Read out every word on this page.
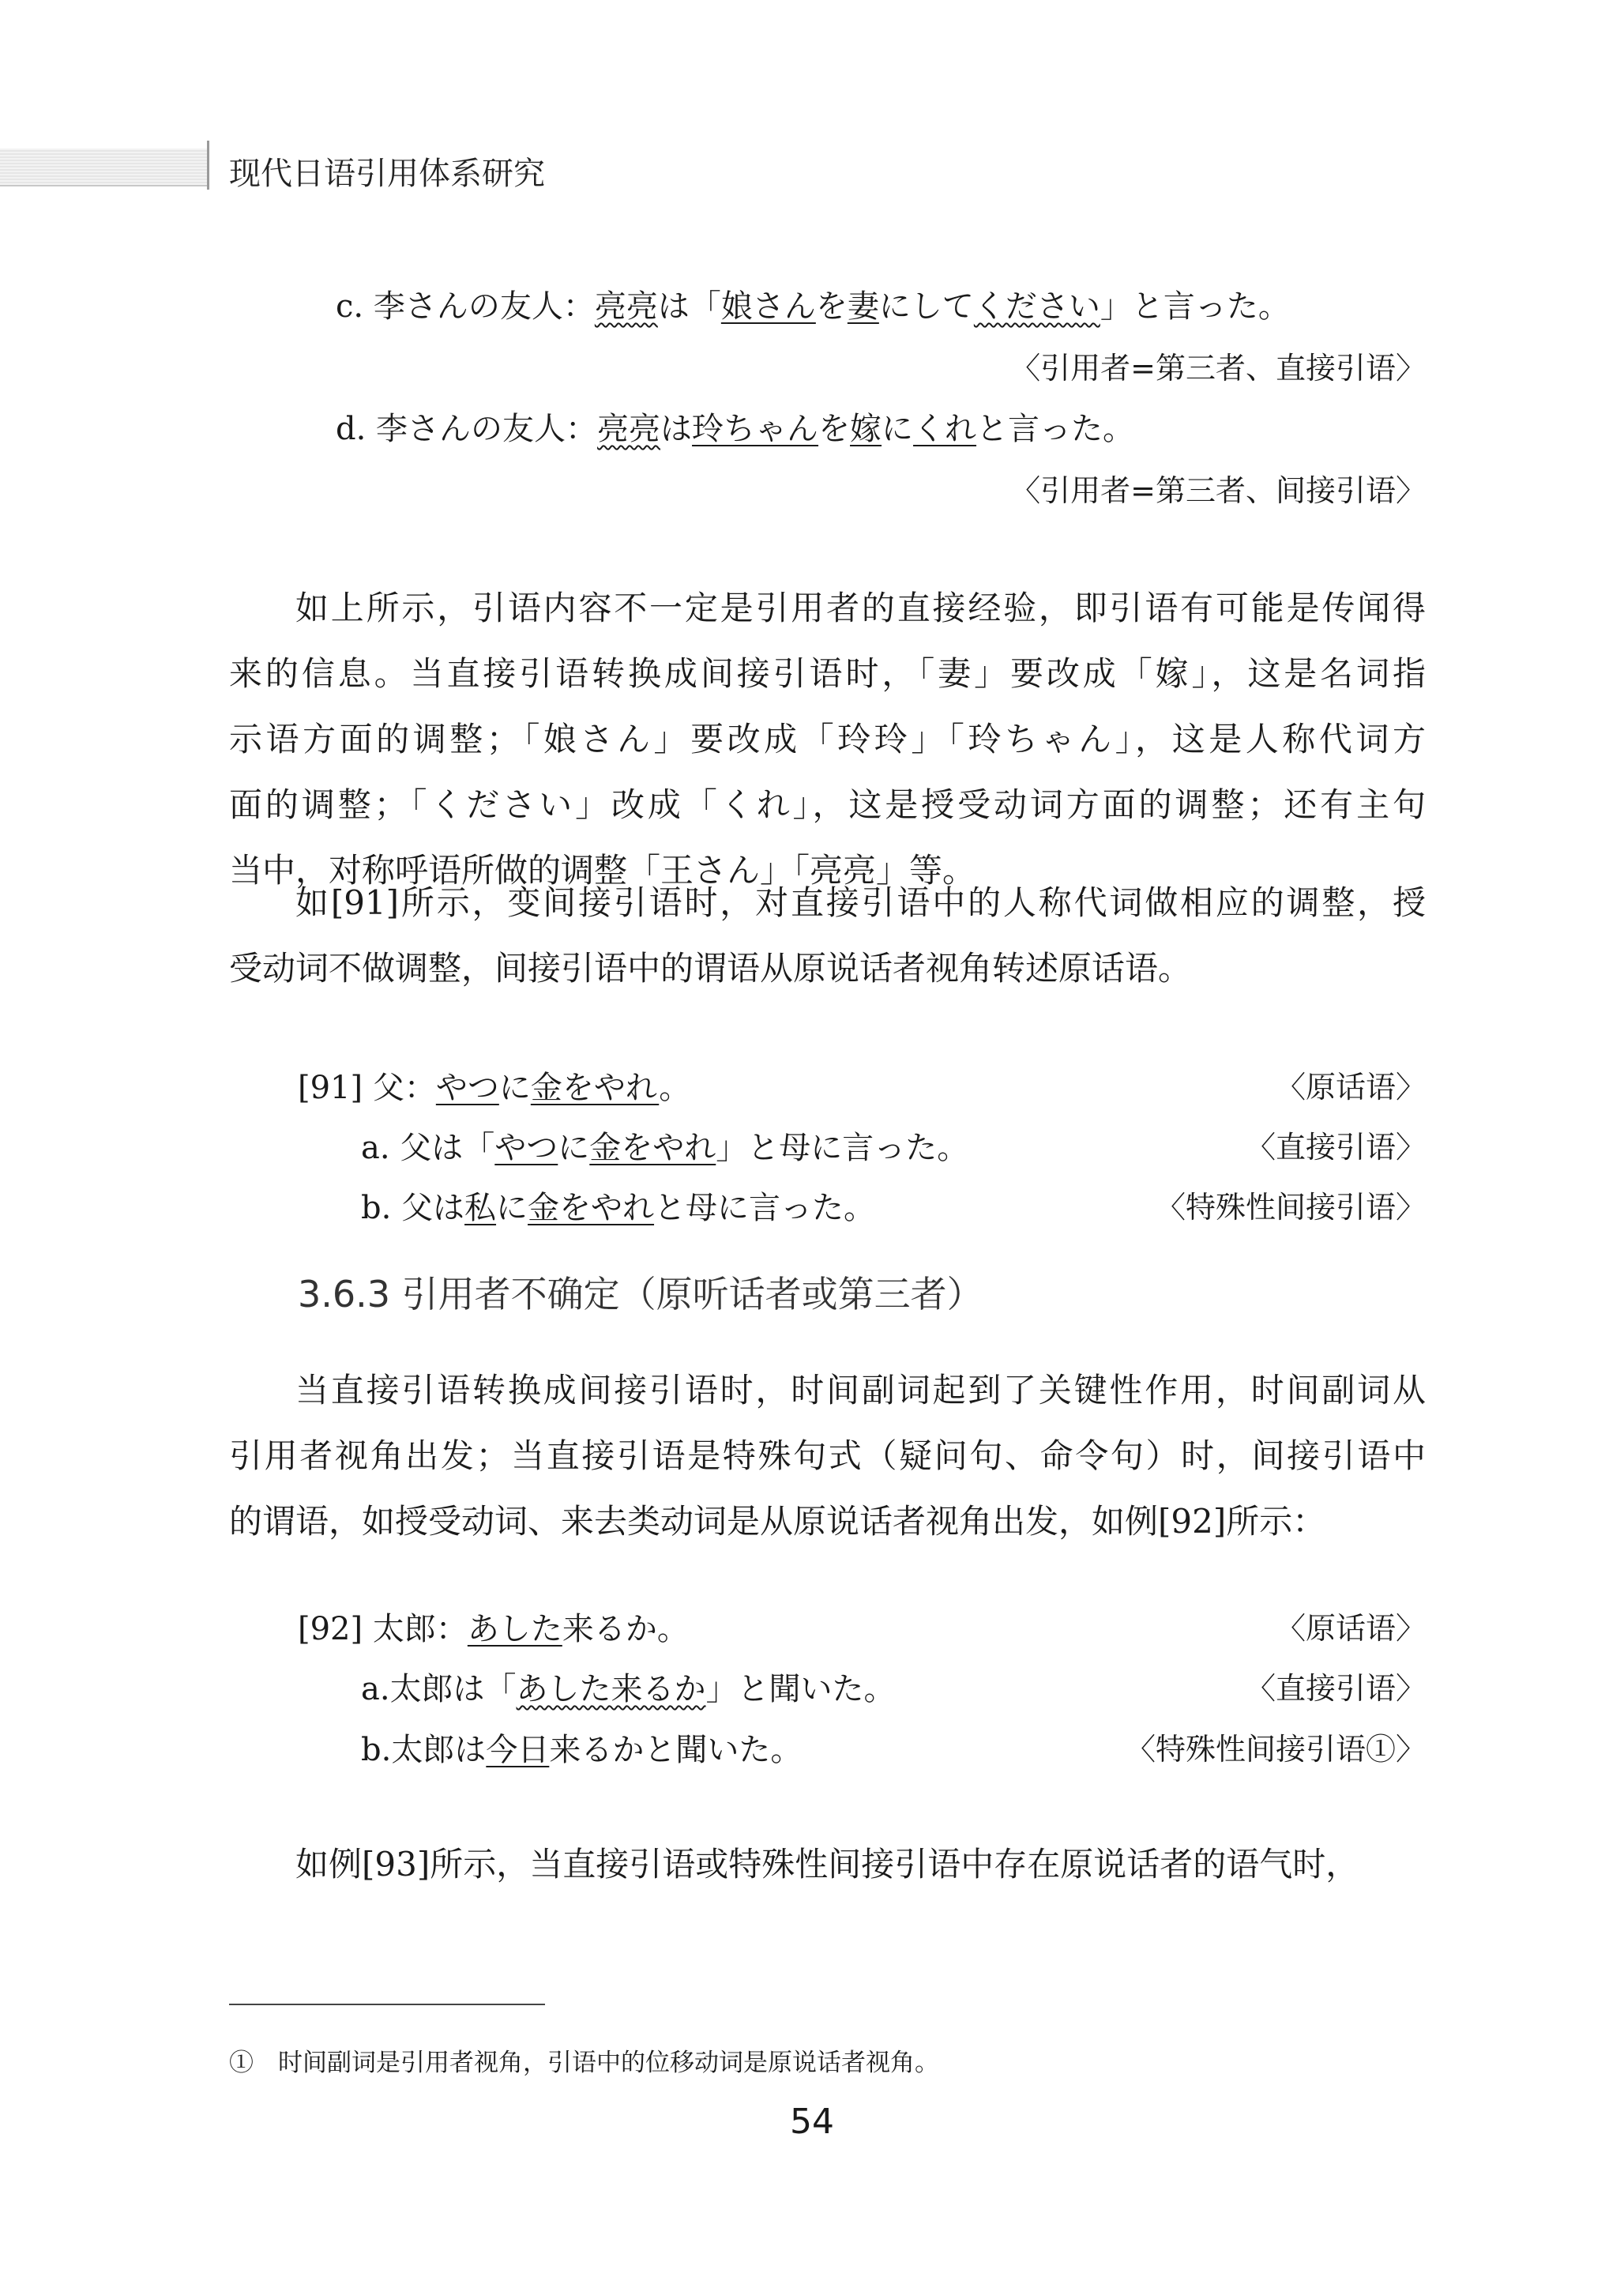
现代日语引用体系研究
c. 李さんの友人：亮亮は「娘さんを妻にしてください」と言った。
〈引用者=第三者、直接引语〉
d. 李さんの友人：亮亮は玲ちゃんを嫁にくれと言った。
〈引用者=第三者、间接引语〉
如上所示，引语内容不一定是引用者的直接经验，即引语有可能是传闻得
来的信息。当直接引语转换成间接引语时，「妻」要改成「嫁」，这是名词指
示语方面的调整；「娘さん」要改成「玲玲」「玲ちゃん」，这是人称代词方
面的调整；「ください」改成「くれ」，这是授受动词方面的调整；还有主句
当中，对称呼语所做的调整「王さん」「亮亮」等。
如[91]所示，变间接引语时，对直接引语中的人称代词做相应的调整，授
受动词不做调整，间接引语中的谓语从原说话者视角转述原话语。
[91] 父：やつに金をやれ。	〈原话语〉
a. 父は「やつに金をやれ」と母に言った。	〈直接引语〉
b. 父は私に金をやれと母に言った。	〈特殊性间接引语〉
3.6.3 引用者不确定（原听话者或第三者）
当直接引语转换成间接引语时，时间副词起到了关键性作用，时间副词从
引用者视角出发；当直接引语是特殊句式（疑问句、命令句）时，间接引语中
的谓语，如授受动词、来去类动词是从原说话者视角出发，如例[92]所示：
[92] 太郎：あした来るか。	〈原话语〉
a.太郎は「あした来るか」と聞いた。	〈直接引语〉
b.太郎は今日来るかと聞いた。	〈特殊性间接引语①〉
如例[93]所示，当直接引语或特殊性间接引语中存在原说话者的语气时，
①　时间副词是引用者视角，引语中的位移动词是原说话者视角。
54
